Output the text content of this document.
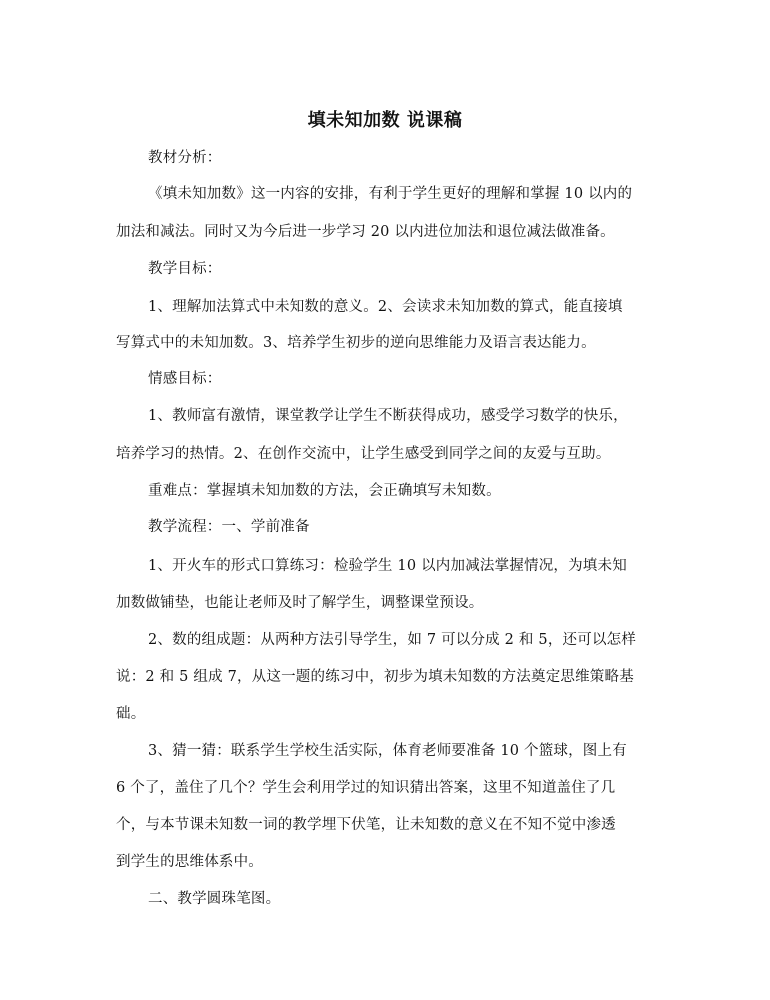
填未知加数 说课稿
教材分析：
《填未知加数》这一内容的安排，有利于学生更好的理解和掌握 10 以内的
加法和减法。同时又为今后进一步学习 20 以内进位加法和退位减法做准备。
教学目标：
1、理解加法算式中未知数的意义。2、会读求未知加数的算式，能直接填
写算式中的未知加数。3、培养学生初步的逆向思维能力及语言表达能力。
情感目标：
1、教师富有激情，课堂教学让学生不断获得成功，感受学习数学的快乐，
培养学习的热情。2、在创作交流中，让学生感受到同学之间的友爱与互助。
重难点：掌握填未知加数的方法，会正确填写未知数。
教学流程：一、学前准备
1、开火车的形式口算练习：检验学生 10 以内加减法掌握情况，为填未知
加数做铺垫，也能让老师及时了解学生，调整课堂预设。
2、数的组成题：从两种方法引导学生，如 7 可以分成 2 和 5，还可以怎样
说：2 和 5 组成 7，从这一题的练习中，初步为填未知数的方法奠定思维策略基
础。
3、猜一猜：联系学生学校生活实际，体育老师要准备 10 个篮球，图上有
6 个了，盖住了几个？学生会利用学过的知识猜出答案，这里不知道盖住了几
个，与本节课未知数一词的教学埋下伏笔，让未知数的意义在不知不觉中渗透
到学生的思维体系中。
二、教学圆珠笔图。
